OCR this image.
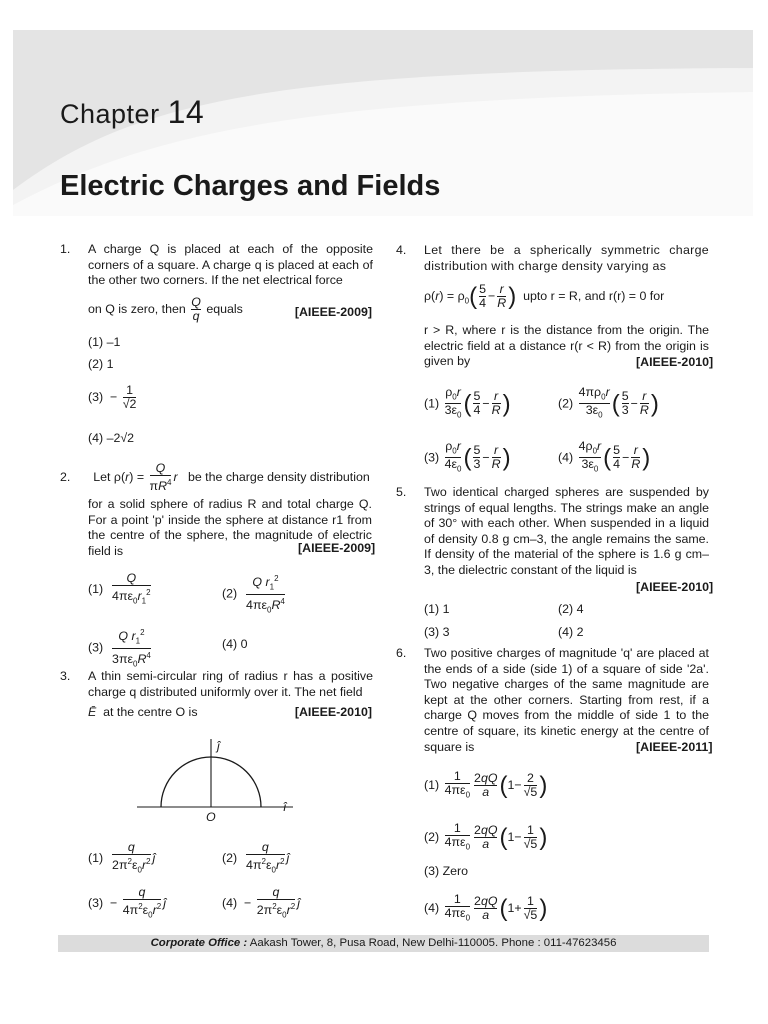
Chapter 14
Electric Charges and Fields
1. A charge Q is placed at each of the opposite corners of a square. A charge q is placed at each of the other two corners. If the net electrical force
on Q is zero, then $\frac{Q}{q}$ equals	[AIEEE-2009]
(1) –1
(2) 1
$(3) - \frac{1}{√2}$
(4) –2√2
2. Let $\rho(r) = \frac{Q}{\pi R^4}$ r be the charge density distribution
for a solid sphere of radius R and total charge Q. For a point 'p' inside the sphere at distance r1 from the centre of the sphere, the magnitude of electric field is	[AIEEE-2009]
$(1) \frac{Q}{4\pi\varepsilon_0r_1^2}$	$(2) \frac{Q r_1^2}{4\pi\varepsilon_0R^4}$
$(3) \frac{Q r_1^2}{3\pi\varepsilon_0R^4}$	(4) 0
3. A thin semi-circular ring of radius r has a positive charge q distributed uniformly over it. The net field
Ē at the centre O is	[AIEEE-2010]
ĵ
î
O
$(1) \frac{q}{2\pi^2\varepsilon_0r^2}$ ĵ	$(2) \frac{q}{4\pi^2\varepsilon_0r^2}$ ĵ
$(3) - \frac{q}{4\pi^2\varepsilon_0r^2}$ ĵ	$(4) - \frac{q}{2\pi^2\varepsilon_0r^2}$ ĵ
4. Let there be a spherically symmetric charge distribution with charge density varying as
$\rho(r) = \rho_0( \frac{5}{4} - \frac{r}{R}$ ) upto r = R, and r(r) = 0 for
r > R, where r is the distance from the origin. The electric field at a distance r(r < R) from the origin is given by	[AIEEE-2010]
$(1) \frac{\rho_0r}{3\varepsilon_0}$ ( $\frac{5}{4} - \frac{r}{R}$ )	$(2) \frac{4\pi\rho_0r}{3\varepsilon_0}$ ( $\frac{5}{3} - \frac{r}{R}$ )
$(3) \frac{\rho_0r}{4\varepsilon_0}$ ( $\frac{5}{3} - \frac{r}{R}$ )	$(4) \frac{4\rho_0r}{3\varepsilon_0}$ ( $\frac{5}{4} - \frac{r}{R}$ )
5. Two identical charged spheres are suspended by strings of equal lengths. The strings make an angle of 30° with each other. When suspended in a liquid of density 0.8 g cm–3, the angle remains the same. If density of the material of the sphere is 1.6 g cm–3, the dielectric constant of the liquid is
[AIEEE-2010]
(1) 1	(2) 4
(3) 3	(4) 2
6. Two positive charges of magnitude 'q' are placed at the ends of a side (side 1) of a square of side '2a'. Two negative charges of the same magnitude are kept at the other corners. Starting from rest, if a charge Q moves from the middle of side 1 to the centre of square, its kinetic energy at the centre of square is	[AIEEE-2011]
$(1) \frac{1}{4\pi\varepsilon_0} \frac{2qQ}{a} (1- \frac{2}{√5}$ )
$(2) \frac{1}{4\pi\varepsilon_0} \frac{2qQ}{a} (1- \frac{1}{√5}$ )
(3) Zero
$(4) \frac{1}{4\pi\varepsilon_0} \frac{2qQ}{a} (1+ \frac{1}{√5}$ )
Corporate Office : Aakash Tower, 8, Pusa Road, New Delhi-110005. Phone : 011-47623456
